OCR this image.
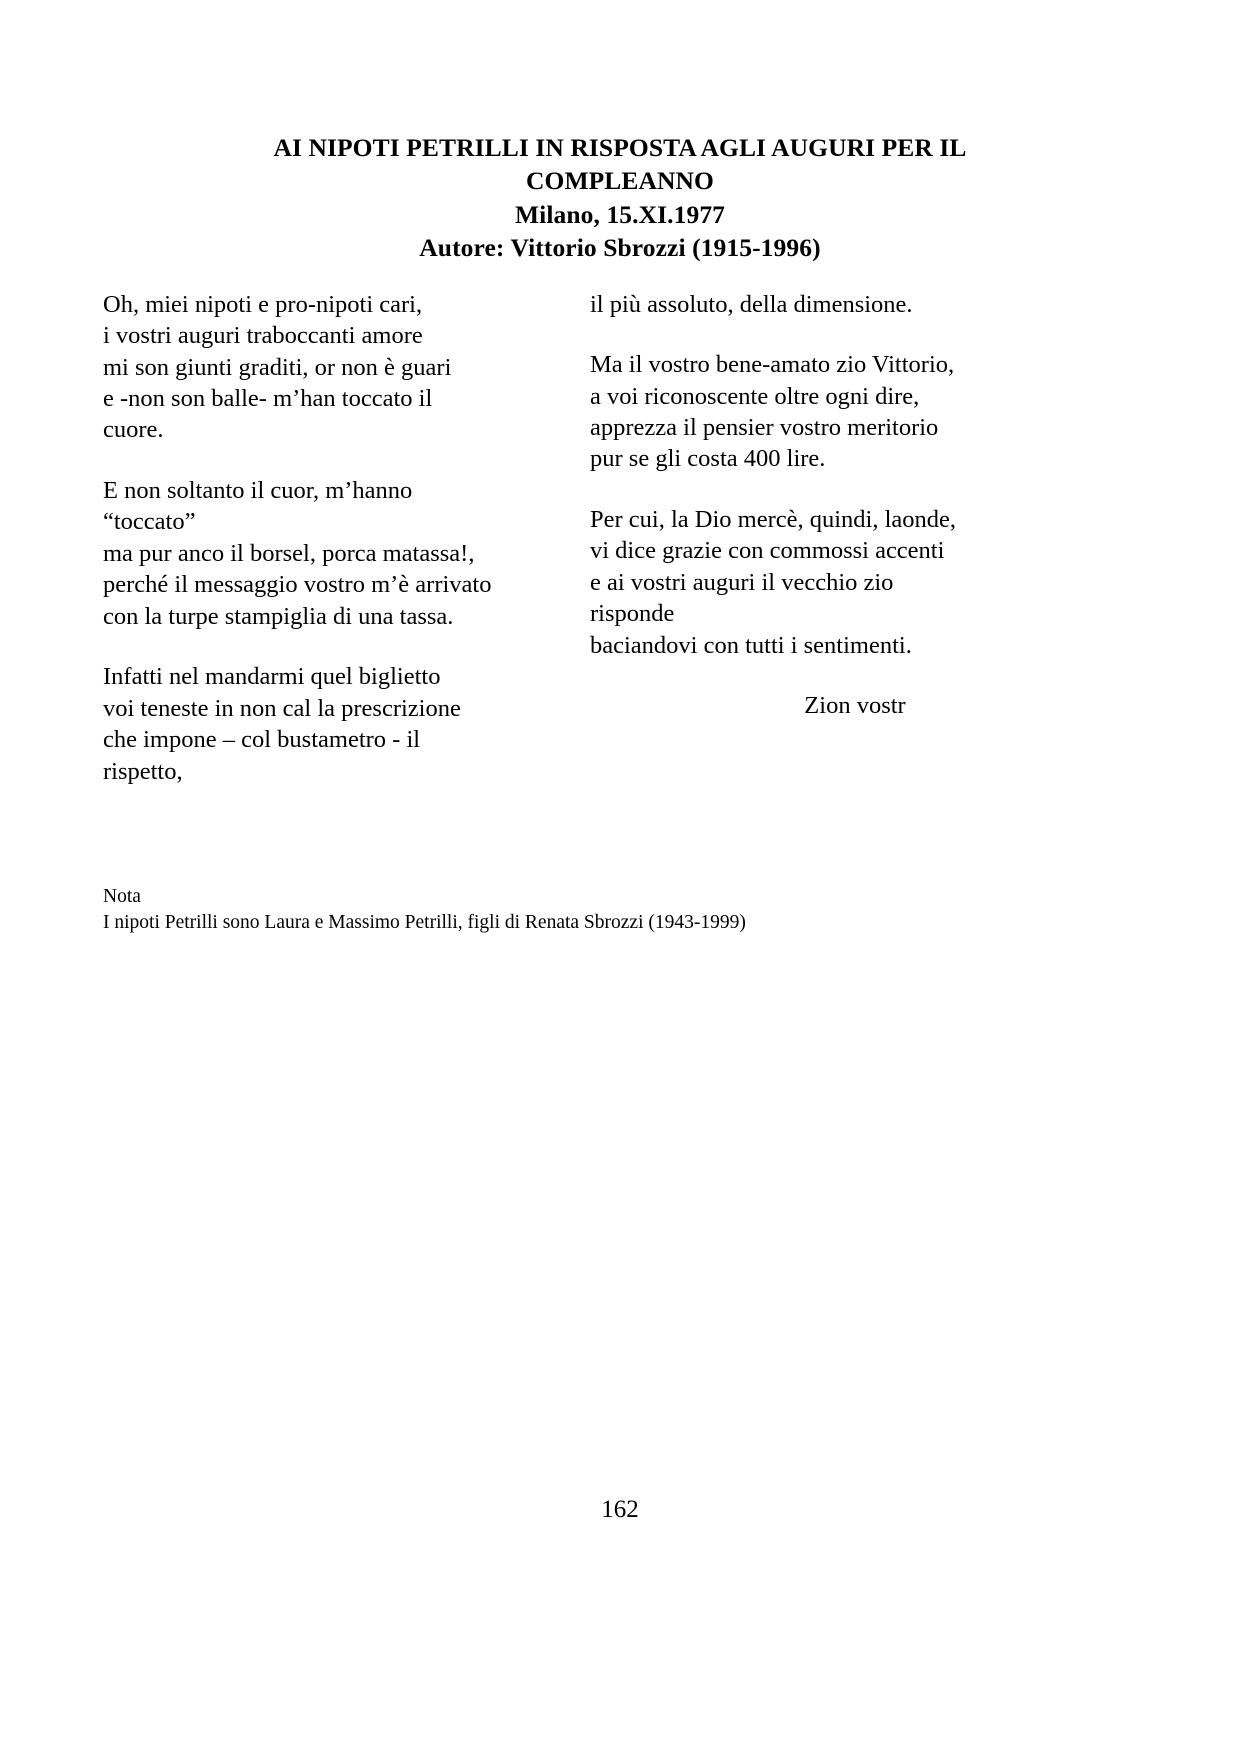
AI NIPOTI PETRILLI IN RISPOSTA AGLI AUGURI PER IL COMPLEANNO
Milano, 15.XI.1977
Autore: Vittorio Sbrozzi (1915-1996)
Oh, miei nipoti e pro-nipoti cari,
i vostri auguri traboccanti amore
mi son giunti graditi, or non è guari
e -non son balle- m’han toccato il
cuore.
E non soltanto il cuor, m’hanno
“toccato”
ma pur anco il borsel, porca matassa!,
perché il messaggio vostro m’è arrivato
con la turpe stampiglia di una tassa.
Infatti nel mandarmi quel biglietto
voi teneste in non cal la prescrizione
che impone – col bustametro - il
rispetto,
il più assoluto, della dimensione.
Ma il vostro bene-amato zio Vittorio,
a voi riconoscente oltre ogni dire,
apprezza il pensier vostro meritorio
pur se gli costa 400 lire.
Per cui, la Dio mercè, quindi, laonde,
vi dice grazie con commossi accenti
e ai vostri auguri il vecchio zio
risponde
baciandovi con tutti i sentimenti.
Zion vostr
Nota
I nipoti Petrilli sono Laura e Massimo Petrilli, figli di Renata Sbrozzi (1943-1999)
162
